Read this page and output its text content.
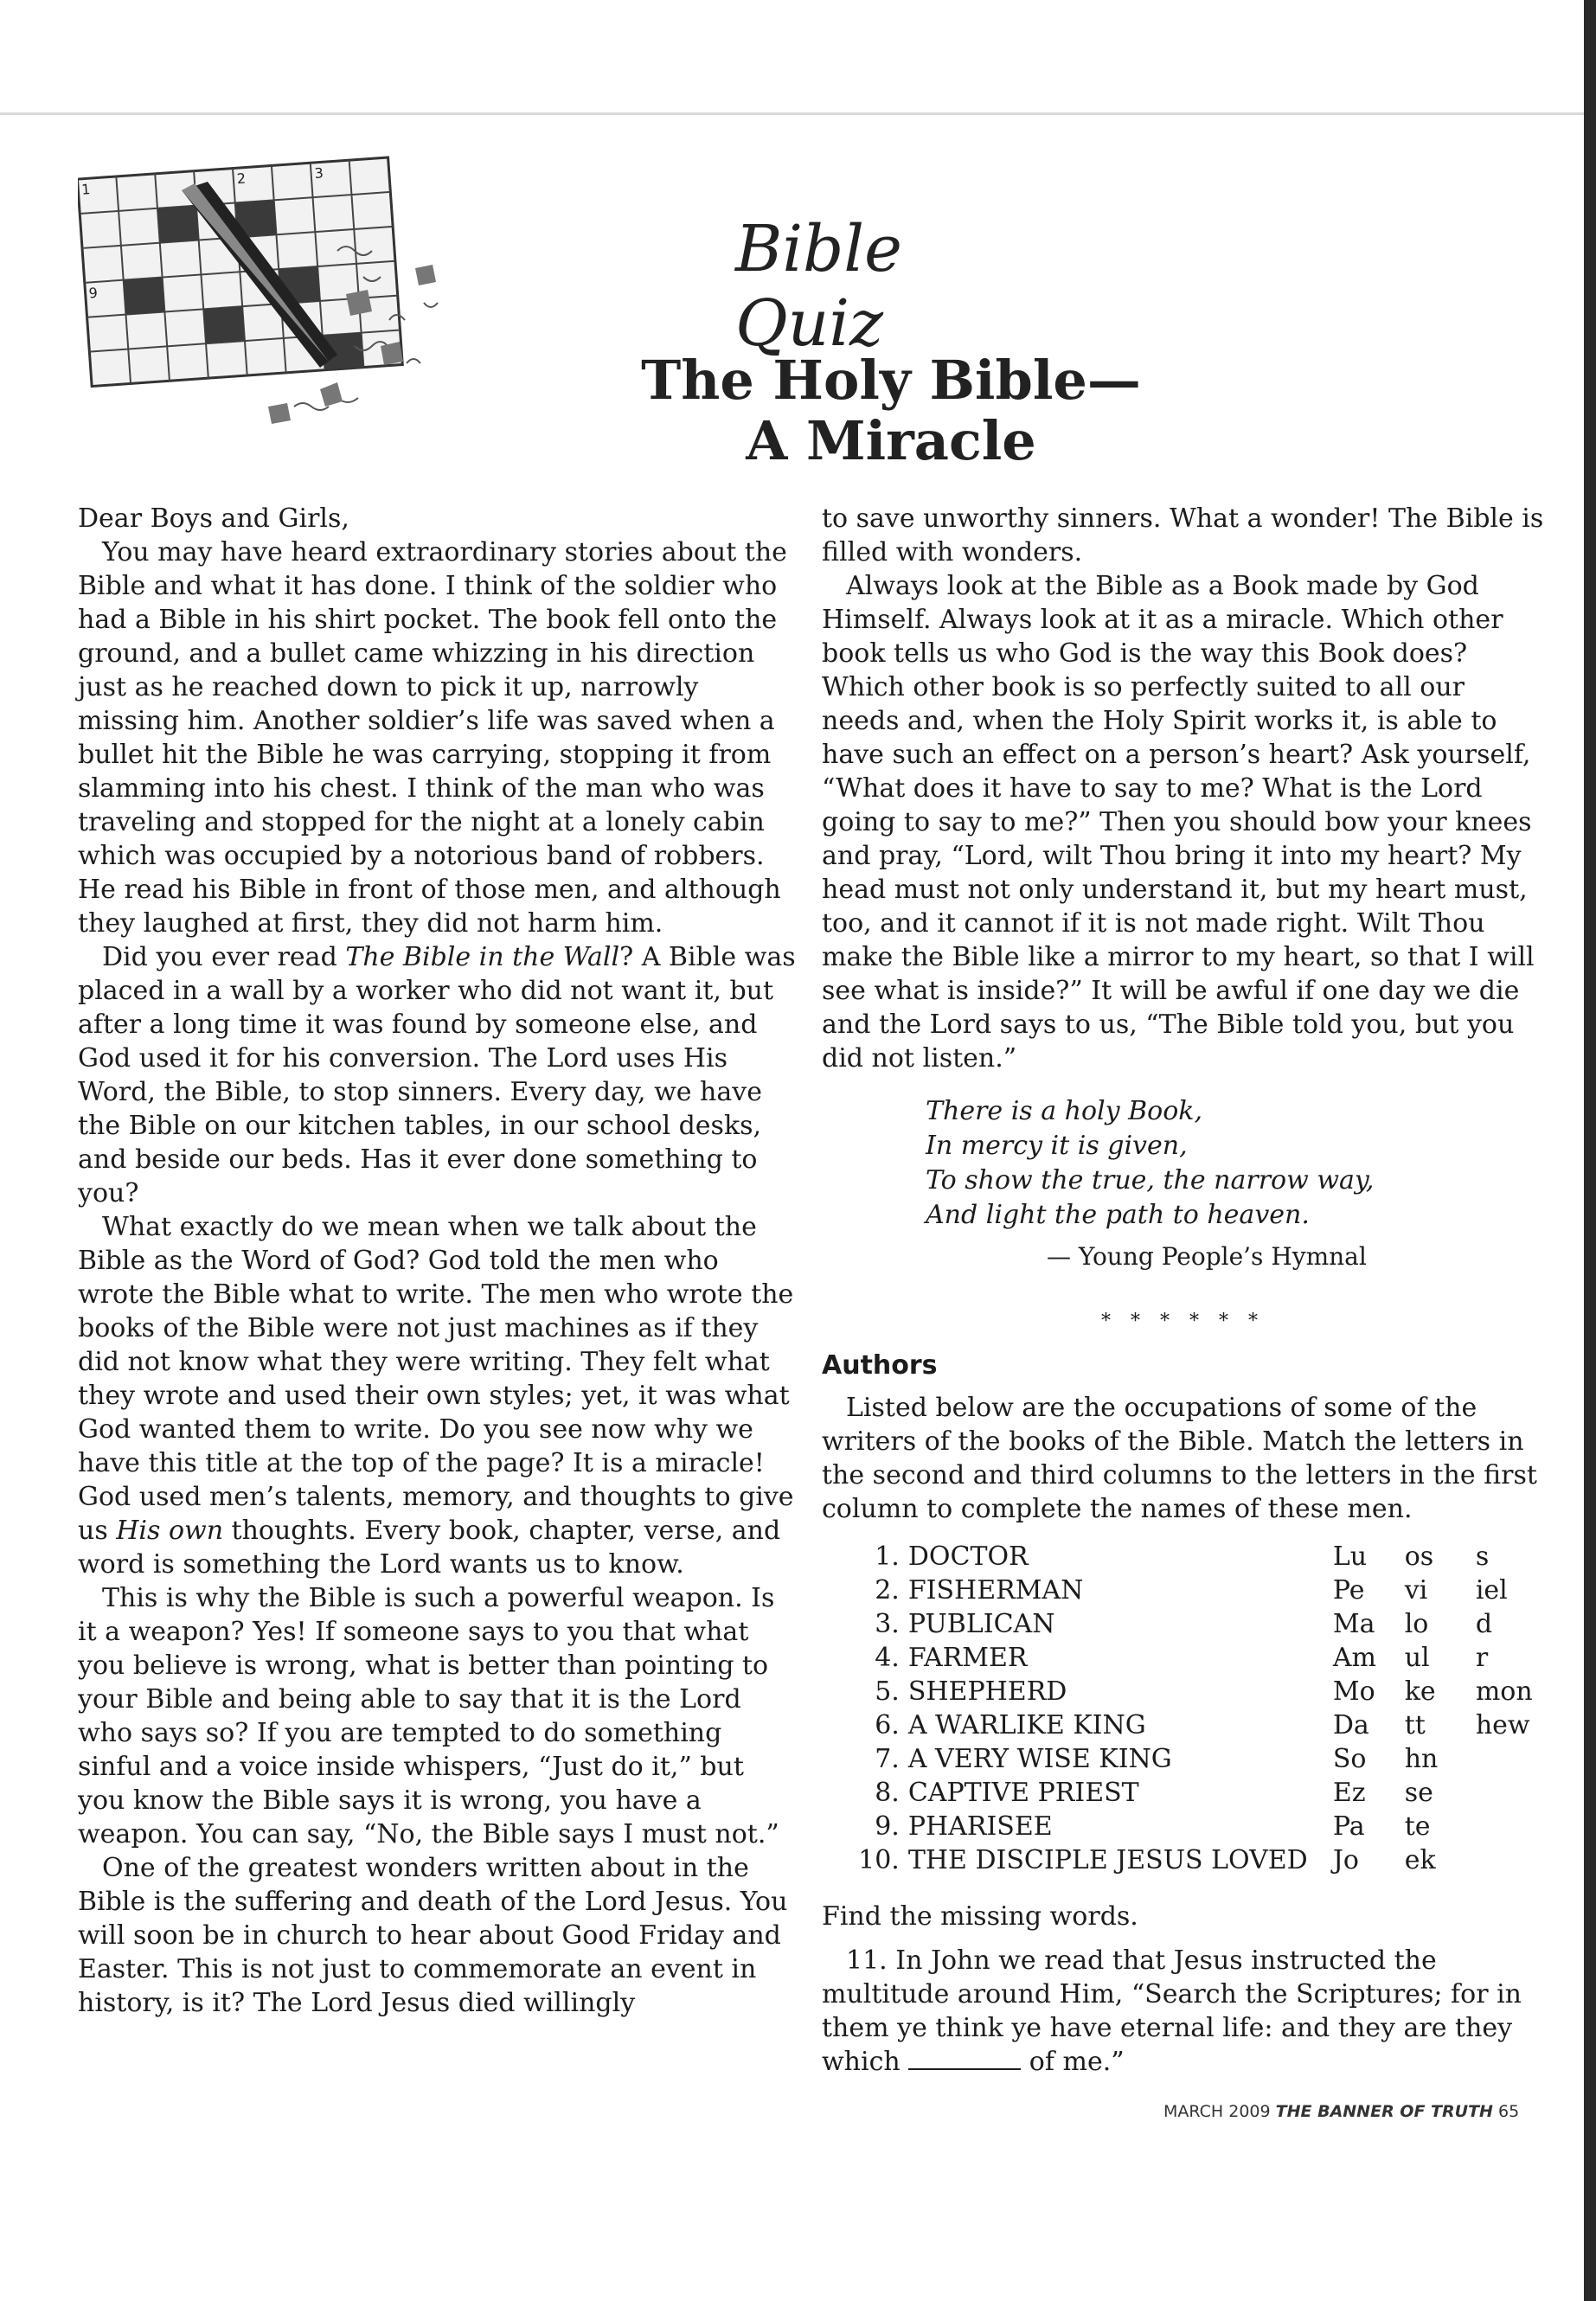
1
2	3
9
Bible Quiz
The Holy Bible—
A Miracle

Dear Boys and Girls,

You may have heard extraordinary stories about the Bible and what it has done. I think of the soldier who had a Bible in his shirt pocket. The book fell onto the ground, and a bullet came whizzing in his direction just as he reached down to pick it up, narrowly missing him. Another soldier’s life was saved when a bullet hit the Bible he was carrying, stopping it from slamming into his chest. I think of the man who was traveling and stopped for the night at a lonely cabin which was occupied by a notorious band of robbers. He read his Bible in front of those men, and although they laughed at first, they did not harm him.

Did you ever read The Bible in the Wall? A Bible was placed in a wall by a worker who did not want it, but after a long time it was found by someone else, and God used it for his conversion. The Lord uses His Word, the Bible, to stop sinners. Every day, we have the Bible on our kitchen tables, in our school desks, and beside our beds. Has it ever done something to you?

What exactly do we mean when we talk about the Bible as the Word of God? God told the men who wrote the Bible what to write. The men who wrote the books of the Bible were not just machines as if they did not know what they were writing. They felt what they wrote and used their own styles; yet, it was what God wanted them to write. Do you see now why we have this title at the top of the page? It is a miracle! God used men’s talents, memory, and thoughts to give us His own thoughts. Every book, chapter, verse, and word is something the Lord wants us to know.

This is why the Bible is such a powerful weapon. Is it a weapon? Yes! If someone says to you that what you believe is wrong, what is better than pointing to your Bible and being able to say that it is the Lord who says so? If you are tempted to do something sinful and a voice inside whispers, “Just do it,” but you know the Bible says it is wrong, you have a weapon. You can say, “No, the Bible says I must not.”

One of the greatest wonders written about in the Bible is the suffering and death of the Lord Jesus. You will soon be in church to hear about Good Friday and Easter. This is not just to commemorate an event in history, is it? The Lord Jesus died willingly

to save unworthy sinners. What a wonder! The Bible is filled with wonders.

Always look at the Bible as a Book made by God Himself. Always look at it as a miracle. Which other book tells us who God is the way this Book does? Which other book is so perfectly suited to all our needs and, when the Holy Spirit works it, is able to have such an effect on a person’s heart? Ask yourself, “What does it have to say to me? What is the Lord going to say to me?” Then you should bow your knees and pray, “Lord, wilt Thou bring it into my heart? My head must not only understand it, but my heart must, too, and it cannot if it is not made right. Wilt Thou make the Bible like a mirror to my heart, so that I will see what is inside?” It will be awful if one day we die and the Lord says to us, “The Bible told you, but you did not listen.”

There is a holy Book,
In mercy it is given,
To show the true, the narrow way,
And light the path to heaven.
— Young People’s Hymnal
* * * * * *
Authors

Listed below are the occupations of some of the writers of the books of the Bible. Match the letters in the second and third columns to the letters in the first column to complete the names of these men.

1.	DOCTOR	Lu	os	s
2.	FISHERMAN	Pe	vi	iel
3.	PUBLICAN	Ma	lo	d
4.	FARMER	Am	ul	r
5.	SHEPHERD	Mo	ke	mon
6.	A WARLIKE KING	Da	tt	hew
7.	A VERY WISE KING	So	hn	
8.	CAPTIVE PRIEST	Ez	se	
9.	PHARISEE	Pa	te	
10.	THE DISCIPLE JESUS LOVED	Jo	ek	

Find the missing words.

11. In John we read that Jesus instructed the multitude around Him, “Search the Scriptures; for in them ye think ye have eternal life: and they are they which	of me.”

MARCH 2009 THE BANNER OF TRUTH 65
